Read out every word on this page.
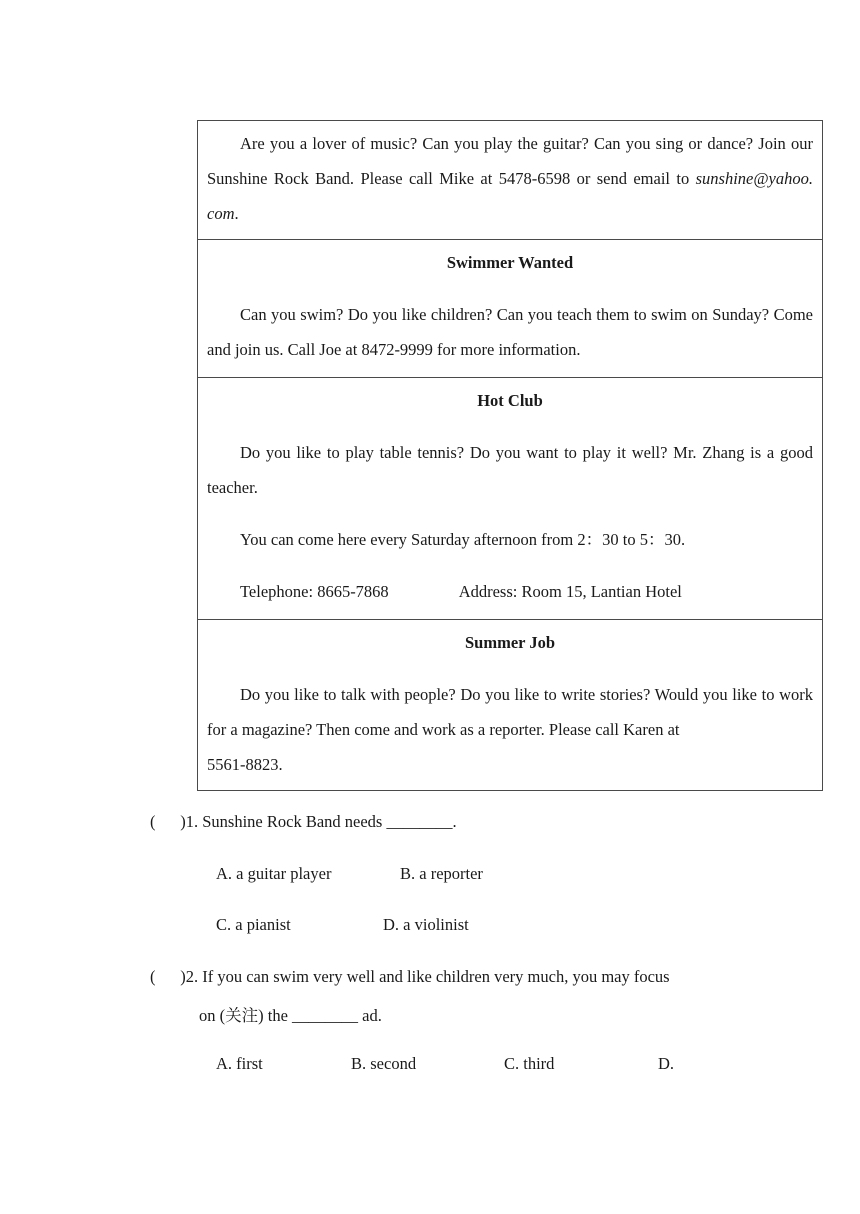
Are you a lover of music? Can you play the guitar? Can you sing or dance? Join our Sunshine Rock Band. Please call Mike at 5478-6598 or send email to sunshine@yahoo. com.

Swimmer Wanted

Can you swim? Do you like children? Can you teach them to swim on Sunday? Come and join us. Call Joe at 8472-9999 for more information.

Hot Club

Do you like to play table tennis? Do you want to play it well? Mr. Zhang is a good teacher.

You can come here every Saturday afternoon from 2：30 to 5：30.

Telephone: 8665-7868	Address: Room 15, Lantian Hotel

Summer Job

Do you like to talk with people? Do you like to write stories? Would you like to work for a magazine? Then come and work as a reporter. Please call Karen at

5561-8823.

(      )1. Sunshine Rock Band needs ________.
A. a guitar player	B. a reporter
C. a pianist	D. a violinist
(      )2. If you can swim very well and like children very much, you may focus
on (关注) the ________ ad.
A. first	B. second	C. third	D.
